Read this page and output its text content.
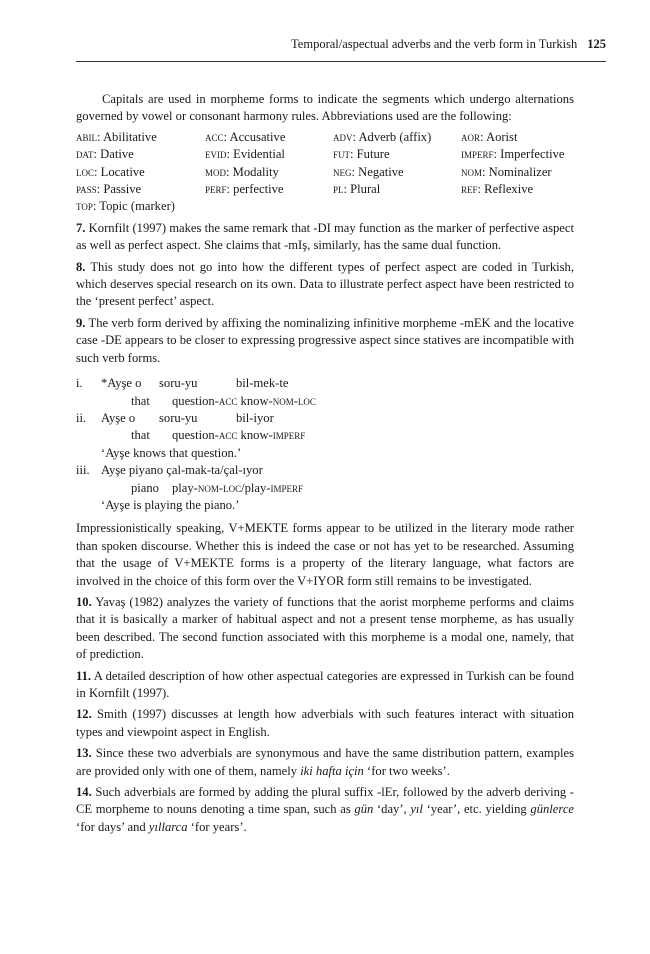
Temporal/aspectual adverbs and the verb form in Turkish 125

Capitals are used in morpheme forms to indicate the segments which undergo alternations governed by vowel or consonant harmony rules. Abbreviations used are the following:

abil: Abilitative	acc: Accusative	adv: Adverb (affix)	aor: Aorist
dat: Dative	evid: Evidential	fut: Future	imperf: Imperfective
loc: Locative	mod: Modality	neg: Negative	nom: Nominalizer
pass: Passive	perf: perfective	pl: Plural	ref: Reflexive
top: Topic (marker)

7. Kornfilt (1997) makes the same remark that -DI may function as the marker of perfective aspect as well as perfect aspect. She claims that -mIş, similarly, has the same dual function.

8. This study does not go into how the different types of perfect aspect are coded in Turkish, which deserves special research on its own. Data to illustrate perfect aspect have been restricted to the ‘present perfect’ aspect.

9. The verb form derived by affixing the nominalizing infinitive morpheme -mEK and the locative case -DE appears to be closer to expressing progressive aspect since statives are incompatible with such verb forms.

i.	*Ayşe o	soru-yu	bil-mek-te
that question-acc know-nom-loc
ii.	Ayşe o	soru-yu	bil-iyor
that question-acc know-imperf
‘Ayşe knows that question.’
iii. Ayşe piyano çal-mak-ta/çal-ıyor
piano play-nom-loc/play-imperf
‘Ayşe is playing the piano.’

Impressionistically speaking, V+MEKTE forms appear to be utilized in the literary mode rather than spoken discourse. Whether this is indeed the case or not has yet to be researched. Assuming that the usage of V+MEKTE forms is a property of the literary language, what factors are involved in the choice of this form over the V+IYOR form still remains to be investigated.

10. Yavaş (1982) analyzes the variety of functions that the aorist morpheme performs and claims that it is basically a marker of habitual aspect and not a present tense morpheme, as has usually been described. The second function associated with this morpheme is a modal one, namely, that of prediction.

11. A detailed description of how other aspectual categories are expressed in Turkish can be found in Kornfilt (1997).

12. Smith (1997) discusses at length how adverbials with such features interact with situation types and viewpoint aspect in English.

13. Since these two adverbials are synonymous and have the same distribution pattern, examples are provided only with one of them, namely iki hafta için ‘for two weeks’.

14. Such adverbials are formed by adding the plural suffix -lEr, followed by the adverb deriving -CE morpheme to nouns denoting a time span, such as gün ‘day’, yıl ‘year’, etc. yielding günlerce ‘for days’ and yıllarca ‘for years’.
